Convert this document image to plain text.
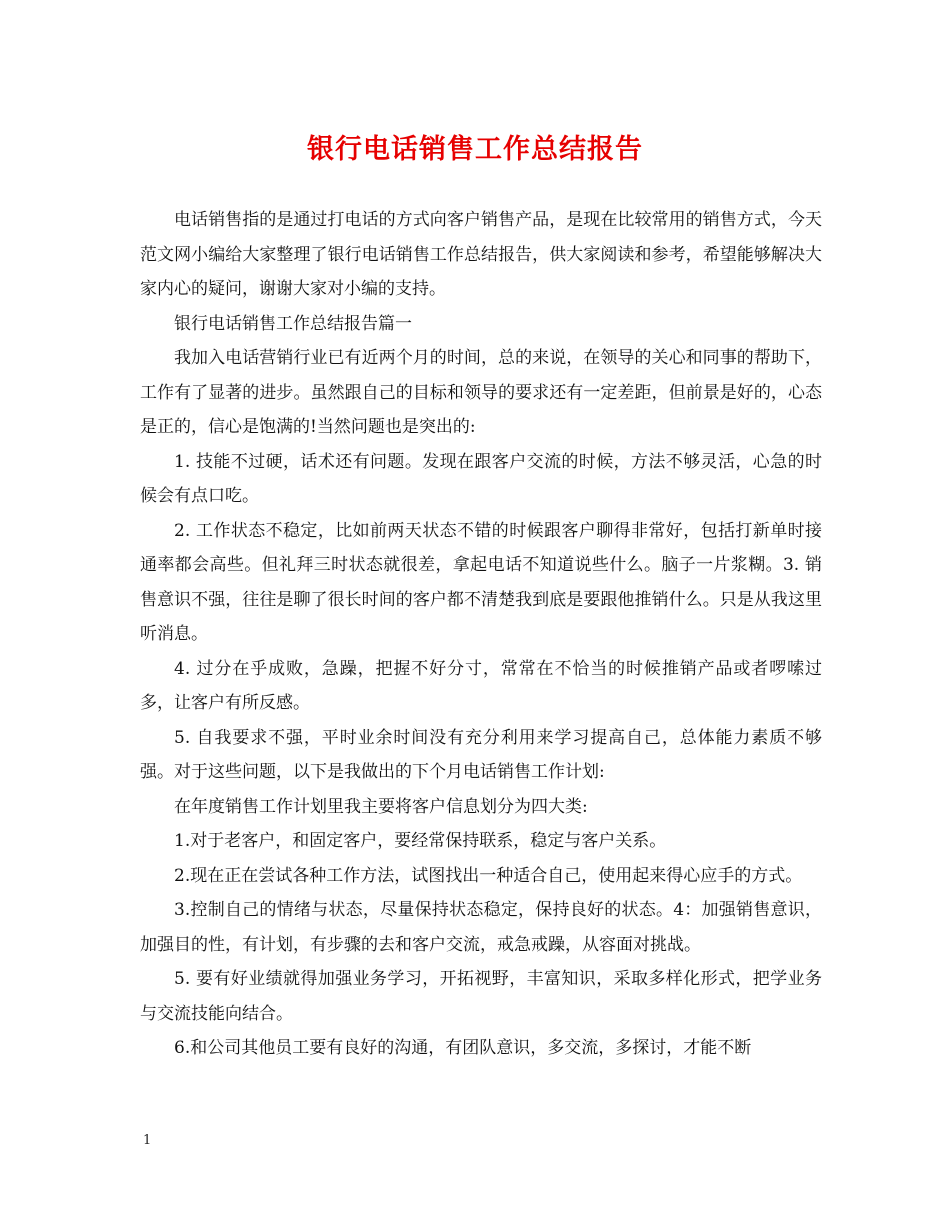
银行电话销售工作总结报告

电话销售指的是通过打电话的方式向客户销售产品，是现在比较常用的销售方式，今天范文网小编给大家整理了银行电话销售工作总结报告，供大家阅读和参考，希望能够解决大家内心的疑问，谢谢大家对小编的支持。

银行电话销售工作总结报告篇一

我加入电话营销行业已有近两个月的时间，总的来说，在领导的关心和同事的帮助下，工作有了显著的进步。虽然跟自己的目标和领导的要求还有一定差距，但前景是好的，心态是正的，信心是饱满的!当然问题也是突出的:

1. 技能不过硬，话术还有问题。发现在跟客户交流的时候，方法不够灵活，心急的时候会有点口吃。

2. 工作状态不稳定，比如前两天状态不错的时候跟客户聊得非常好，包括打新单时接通率都会高些。但礼拜三时状态就很差，拿起电话不知道说些什么。脑子一片浆糊。3. 销售意识不强，往往是聊了很长时间的客户都不清楚我到底是要跟他推销什么。只是从我这里听消息。

4. 过分在乎成败，急躁，把握不好分寸，常常在不恰当的时候推销产品或者啰嗦过多，让客户有所反感。

5. 自我要求不强，平时业余时间没有充分利用来学习提高自己，总体能力素质不够强。对于这些问题，以下是我做出的下个月电话销售工作计划:

在年度销售工作计划里我主要将客户信息划分为四大类:

1.对于老客户，和固定客户，要经常保持联系，稳定与客户关系。

2.现在正在尝试各种工作方法，试图找出一种适合自己，使用起来得心应手的方式。

3.控制自己的情绪与状态，尽量保持状态稳定，保持良好的状态。4：加强销售意识，加强目的性，有计划，有步骤的去和客户交流，戒急戒躁，从容面对挑战。

5. 要有好业绩就得加强业务学习，开拓视野，丰富知识，采取多样化形式，把学业务与交流技能向结合。

6.和公司其他员工要有良好的沟通，有团队意识，多交流，多探讨，才能不断

1
